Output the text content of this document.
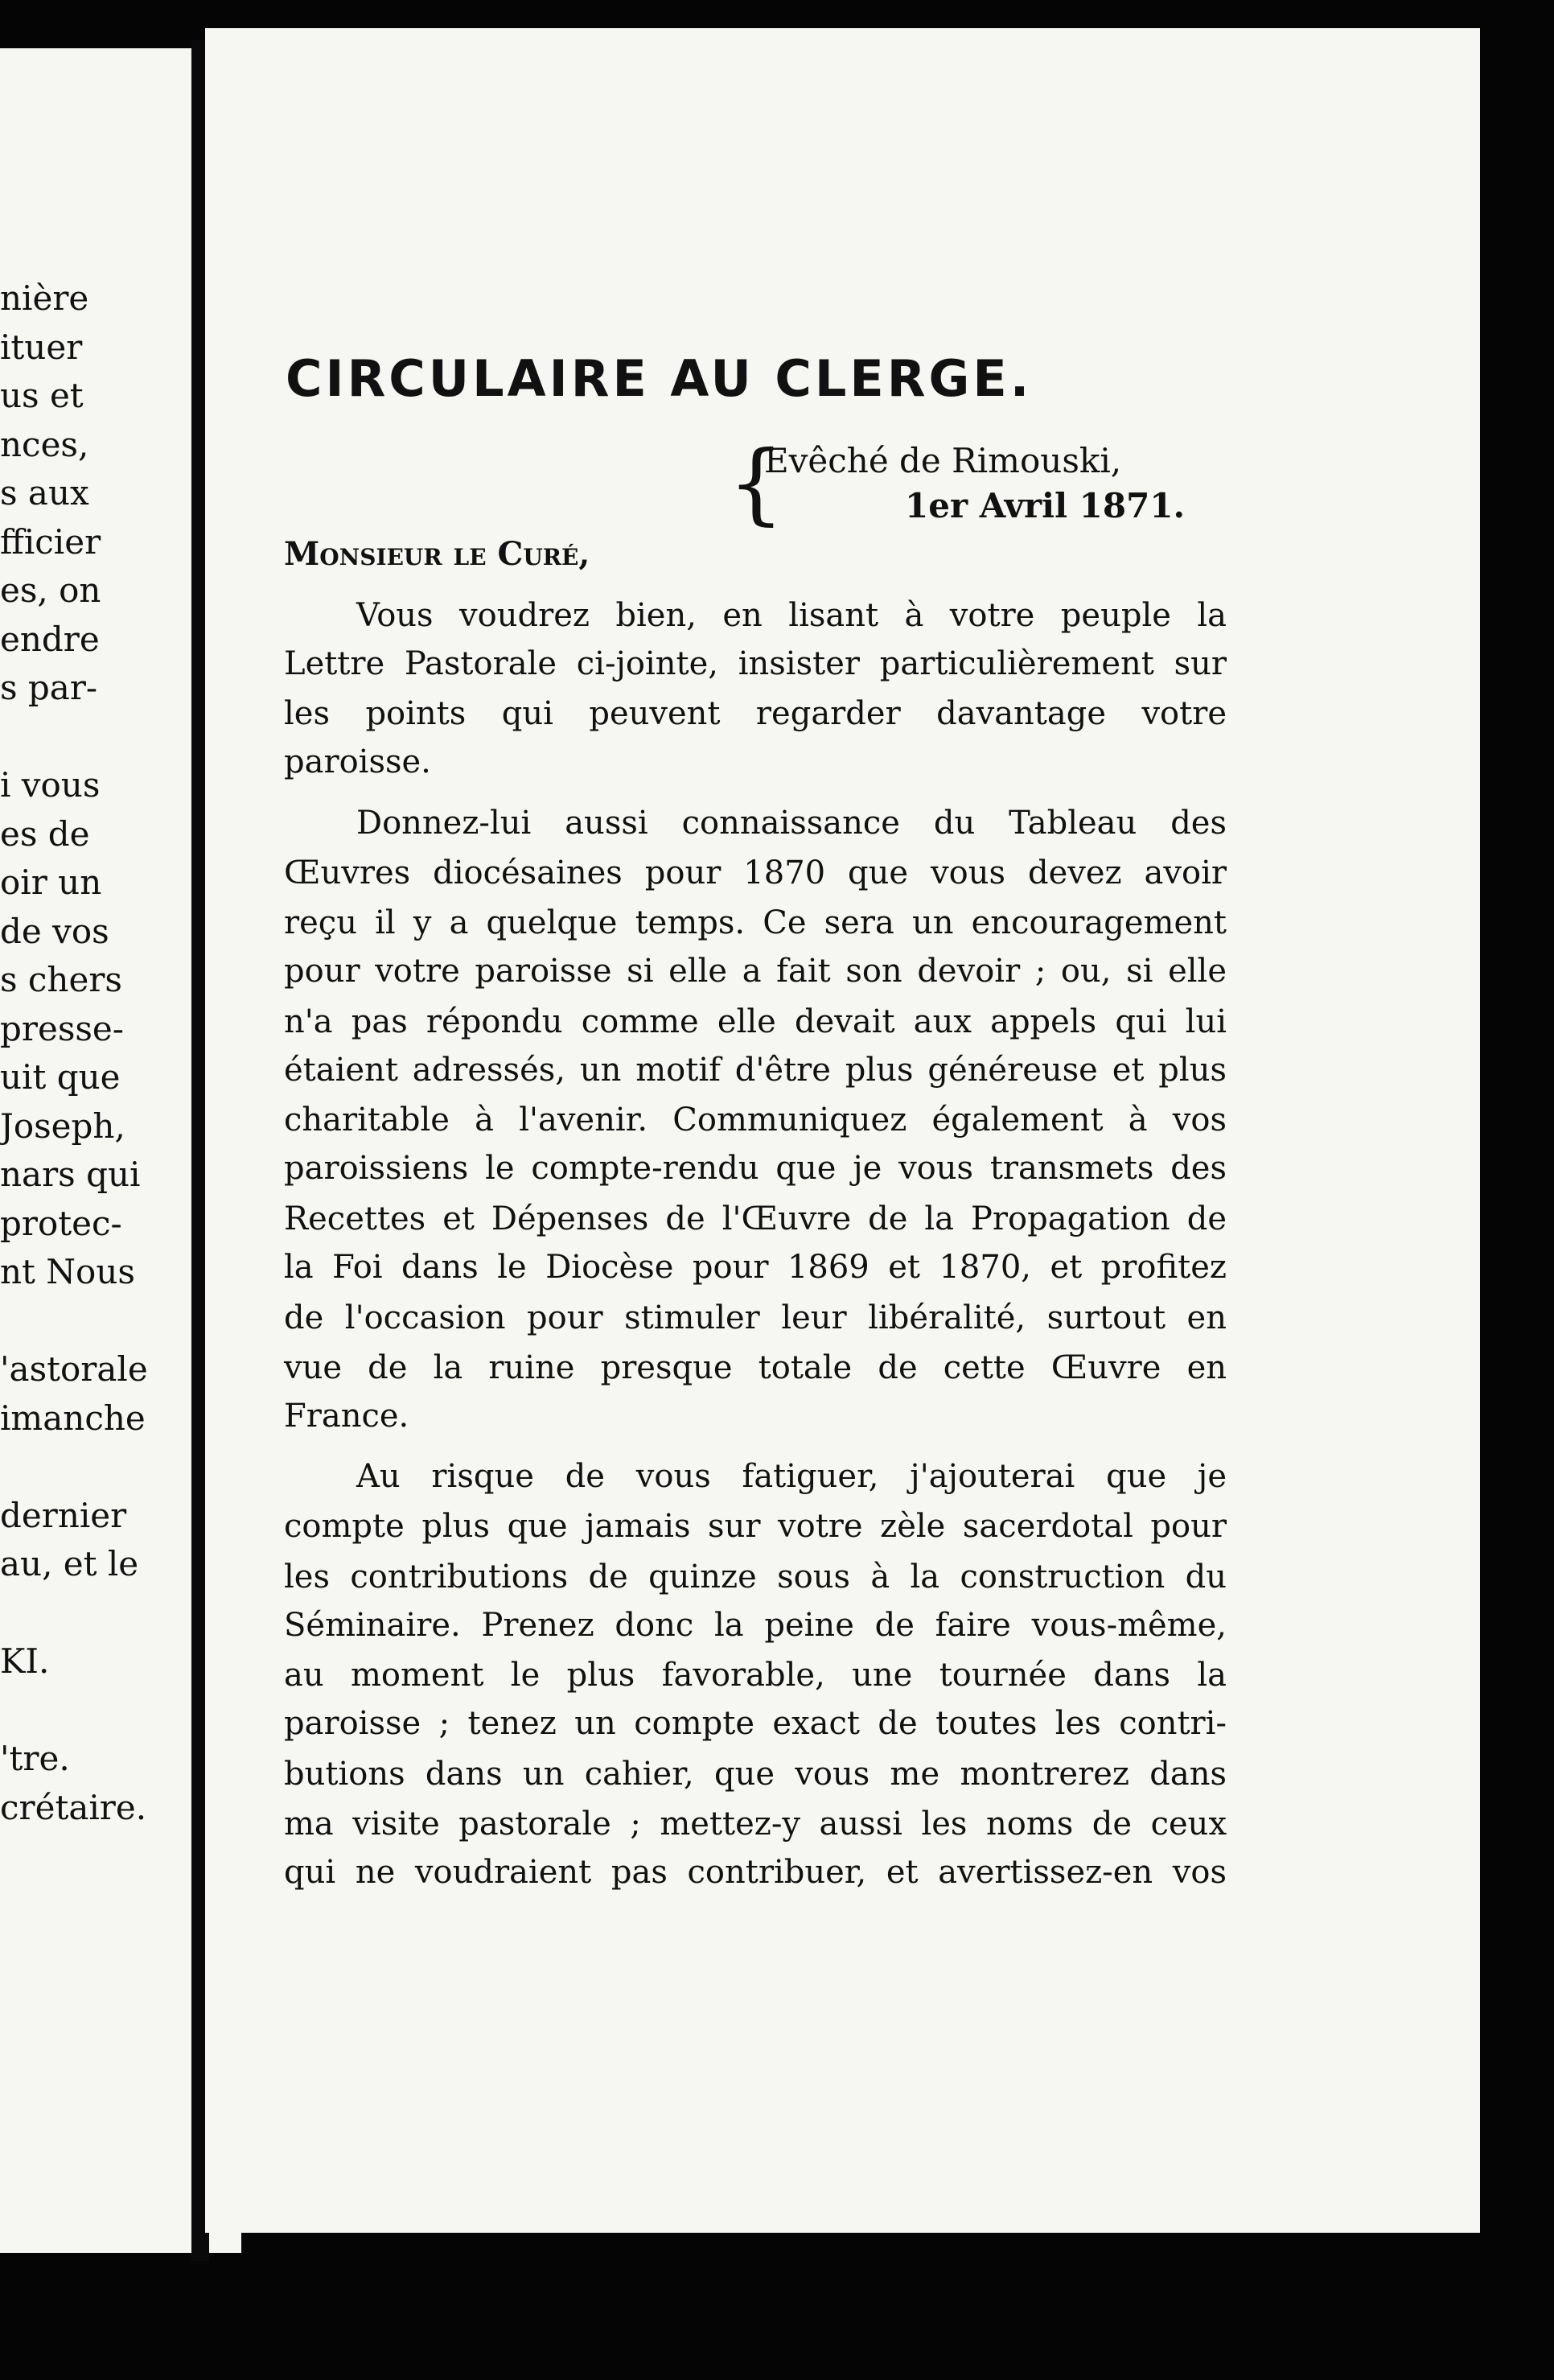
nière
ituer
us et
nces,
s aux
fficier
es, on
endre
s par-
i vous
es de
oir un
de vos
s chers
presse-
uit que
Joseph,
nars qui
protec-
nt Nous
'astorale
imanche
dernier
au, et le
KI.
'tre.
crétaire.
CIRCULAIRE AU CLERGE.
{
Evêché de Rimouski,
1er Avril 1871.
Monsieur le Curé,
Vous voudrez bien, en lisant à votre peuple la
Lettre Pastorale ci-jointe, insister particulièrement sur
les points qui peuvent regarder davantage votre
paroisse.
Donnez-lui aussi connaissance du Tableau des
Œuvres diocésaines pour 1870 que vous devez avoir
reçu il y a quelque temps. Ce sera un encouragement
pour votre paroisse si elle a fait son devoir ; ou, si elle
n'a pas répondu comme elle devait aux appels qui lui
étaient adressés, un motif d'être plus généreuse et plus
charitable à l'avenir. Communiquez également à vos
paroissiens le compte-rendu que je vous transmets des
Recettes et Dépenses de l'Œuvre de la Propagation de
la Foi dans le Diocèse pour 1869 et 1870, et profitez
de l'occasion pour stimuler leur libéralité, surtout en
vue de la ruine presque totale de cette Œuvre en
France.
Au risque de vous fatiguer, j'ajouterai que je
compte plus que jamais sur votre zèle sacerdotal pour
les contributions de quinze sous à la construction du
Séminaire. Prenez donc la peine de faire vous-même,
au moment le plus favorable, une tournée dans la
paroisse ; tenez un compte exact de toutes les contri-
butions dans un cahier, que vous me montrerez dans
ma visite pastorale ; mettez-y aussi les noms de ceux
qui ne voudraient pas contribuer, et avertissez-en vos
